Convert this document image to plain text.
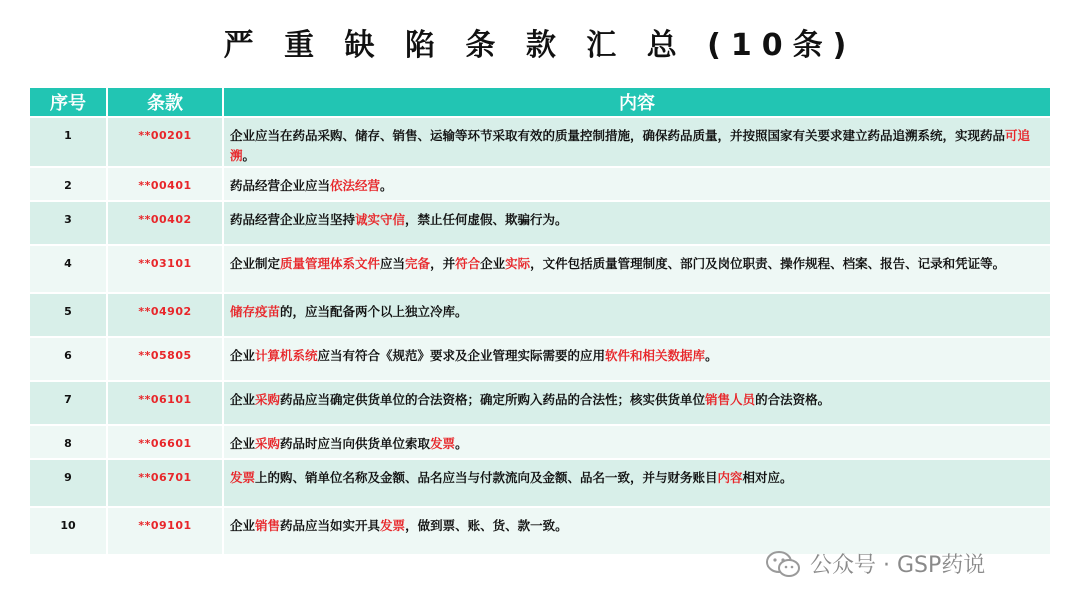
严 重 缺 陷 条 款 汇 总 (10条)
序号	条款	内容
1	**00201	企业应当在药品采购、储存、销售、运输等环节采取有效的质量控制措施，确保药品质量，并按照国家有关要求建立药品追溯系统，实现药品可追溯。
2	**00401	药品经营企业应当依法经营。
3	**00402	药品经营企业应当坚持诚实守信，禁止任何虚假、欺骗行为。
4	**03101	企业制定质量管理体系文件应当完备，并符合企业实际，文件包括质量管理制度、部门及岗位职责、操作规程、档案、报告、记录和凭证等。
5	**04902	储存疫苗的，应当配备两个以上独立冷库。
6	**05805	企业计算机系统应当有符合《规范》要求及企业管理实际需要的应用软件和相关数据库。
7	**06101	企业采购药品应当确定供货单位的合法资格；确定所购入药品的合法性；核实供货单位销售人员的合法资格。
8	**06601	企业采购药品时应当向供货单位索取发票。
9	**06701	发票上的购、销单位名称及金额、品名应当与付款流向及金额、品名一致，并与财务账目内容相对应。
10	**09101	企业销售药品应当如实开具发票，做到票、账、货、款一致。
公众号 · GSP药说
